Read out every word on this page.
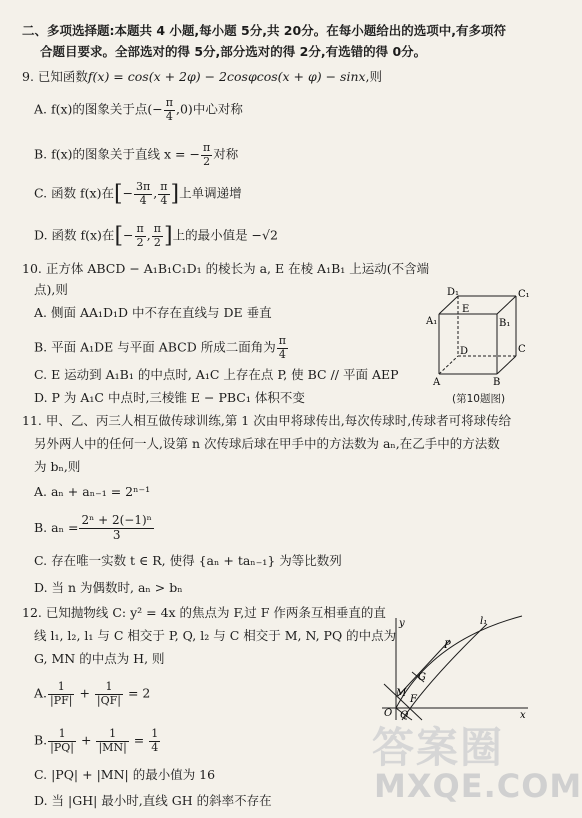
二、多项选择题:本题共 4 小题,每小题 5分,共 20分。在每小题给出的选项中,有多项符
合题目要求。全部选对的得 5分,部分选对的得 2分,有选错的得 0分。
9. 已知函数f(x) = cos(x + 2φ) − 2cosφcos(x + φ) − sinx,则
A. f(x)的图象关于点(− $\frac{\pi}{4} ,0$)中心对称
B. f(x)的图象关于直线 x = − $\frac{\pi}{2}$ 对称
C. 函数 f(x)在[− $\frac{3\pi}{4}$ , $\frac{\pi}{4}$ ]上单调递增
D. 函数 f(x)在[− $\frac{\pi}{2}$ , $\frac{\pi}{2}$ ]上的最小值是 −√2
10. 正方体 ABCD − A₁B₁C₁D₁ 的棱长为 a, E 在棱 A₁B₁ 上运动(不含端
点),则
A. 侧面 AA₁D₁D 中不存在直线与 DE 垂直
B. 平面 A₁DE 与平面 ABCD 所成二面角为 $\frac{\pi}{4}$
C. E 运动到 A₁B₁ 的中点时, A₁C 上存在点 P, 使 BC // 平面 AEP
D. P 为 A₁C 中点时,三棱锥 E − PBC₁ 体积不变
D₁	C₁
A₁
E
B₁
D	C
A	B
(第10题图)
11. 甲、乙、丙三人相互做传球训练,第 1 次由甲将球传出,每次传球时,传球者可将球传给
另外两人中的任何一人,设第 n 次传球后球在甲手中的方法数为 aₙ,在乙手中的方法数
为 bₙ,则
A. aₙ + aₙ₋₁ = 2ⁿ⁻¹
B. $a_n = \frac{\text{2ⁿ + 2(−1)ⁿ}}{3}$
C. 存在唯一实数 t ∈ R, 使得 {aₙ + taₙ₋₁} 为等比数列
D. 当 n 为偶数时, aₙ > bₙ
12. 已知抛物线 C: y² = 4x 的焦点为 F,过 F 作两条互相垂直的直
线 l₁, l₂, l₁ 与 C 相交于 P, Q, l₂ 与 C 相交于 M, N, PQ 的中点为
G, MN 的中点为 H, 则
A. $\frac{1}{|PF|} + \frac{1}{|QF|} = 2$
B. $\frac{1}{|PQ|} + \frac{1}{|MN|} = \frac{1}{4}$
C. |PQ| + |MN| 的最小值为 16
D. 当 |GH| 最小时,直线 GH 的斜率不存在
y
x
l₁
P
G
M
F
O Q
答案圈
MXQE.COM
